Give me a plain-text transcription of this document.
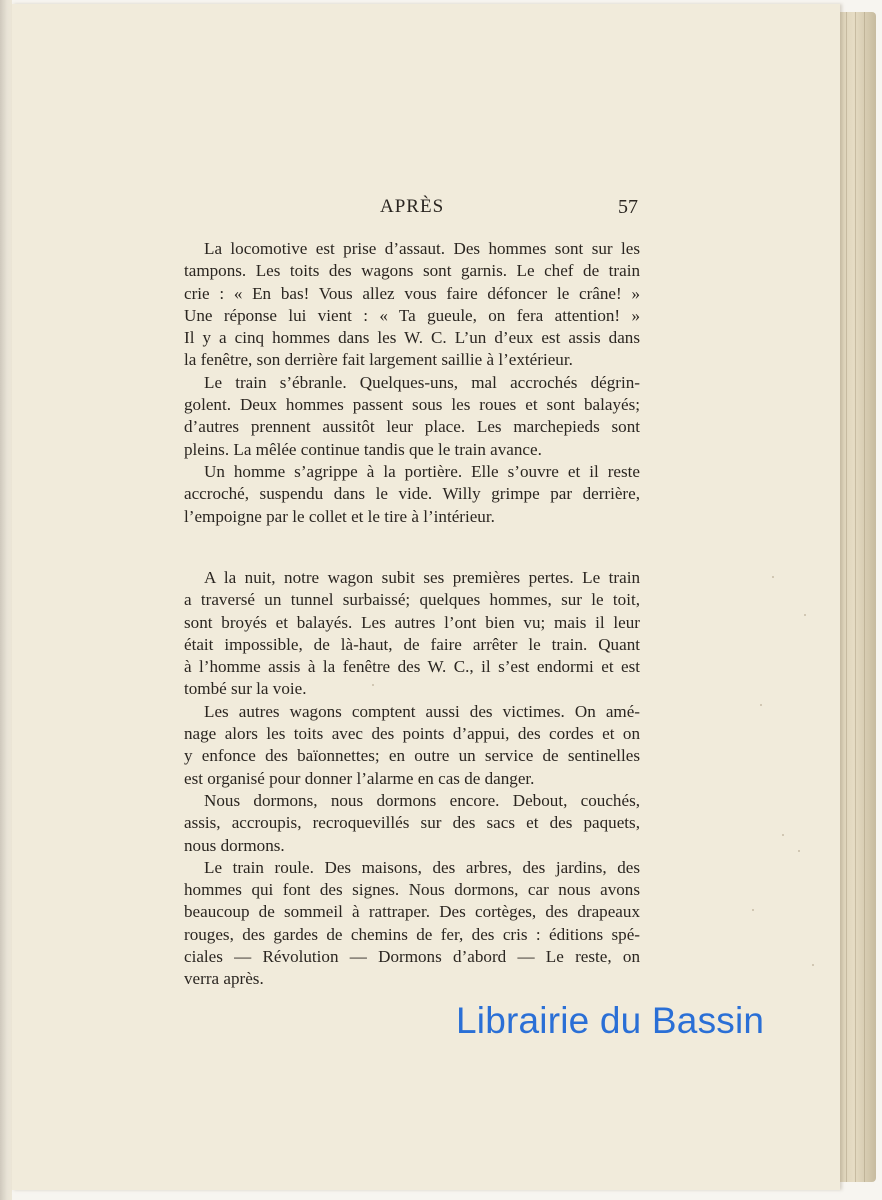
APRÈS	57
La locomotive est prise d’assaut. Des hommes sont sur les
tampons. Les toits des wagons sont garnis. Le chef de train
crie : « En bas! Vous allez vous faire défoncer le crâne! »
Une réponse lui vient : « Ta gueule, on fera attention! »
Il y a cinq hommes dans les W. C. L’un d’eux est assis dans
la fenêtre, son derrière fait largement saillie à l’extérieur.
Le train s’ébranle. Quelques-uns, mal accrochés dégrin-
golent. Deux hommes passent sous les roues et sont balayés;
d’autres prennent aussitôt leur place. Les marchepieds sont
pleins. La mêlée continue tandis que le train avance.
Un homme s’agrippe à la portière. Elle s’ouvre et il reste
accroché, suspendu dans le vide. Willy grimpe par derrière,
l’empoigne par le collet et le tire à l’intérieur.
A la nuit, notre wagon subit ses premières pertes. Le train
a traversé un tunnel surbaissé; quelques hommes, sur le toit,
sont broyés et balayés. Les autres l’ont bien vu; mais il leur
était impossible, de là-haut, de faire arrêter le train. Quant
à l’homme assis à la fenêtre des W. C., il s’est endormi et est
tombé sur la voie.
Les autres wagons comptent aussi des victimes. On amé-
nage alors les toits avec des points d’appui, des cordes et on
y enfonce des baïonnettes; en outre un service de sentinelles
est organisé pour donner l’alarme en cas de danger.
Nous dormons, nous dormons encore. Debout, couchés,
assis, accroupis, recroquevillés sur des sacs et des paquets,
nous dormons.
Le train roule. Des maisons, des arbres, des jardins, des
hommes qui font des signes. Nous dormons, car nous avons
beaucoup de sommeil à rattraper. Des cortèges, des drapeaux
rouges, des gardes de chemins de fer, des cris : éditions spé-
ciales — Révolution — Dormons d’abord — Le reste, on
verra après.
Librairie du Bassin
